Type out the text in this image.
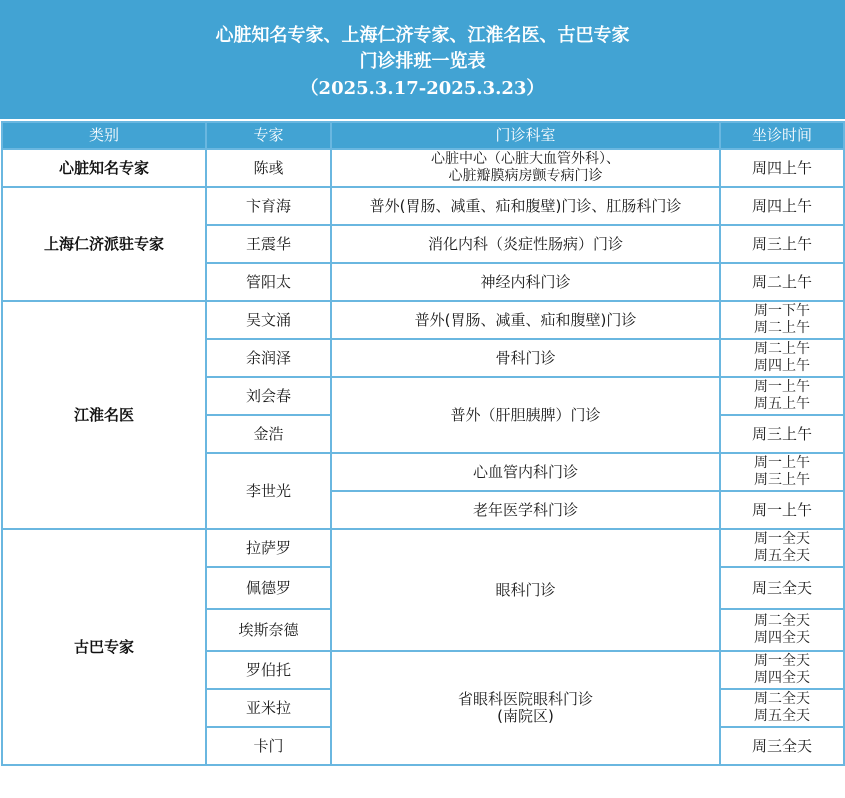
心脏知名专家、上海仁济专家、江淮名医、古巴专家
门诊排班一览表
（2025.3.17-2025.3.23）
类别	专家	门诊科室	坐诊时间
心脏知名专家	陈彧	心脏中心（心脏大血管外科）、
心脏瓣膜病房颤专病门诊	周四上午
上海仁济派驻专家	卞育海	普外(胃肠、减重、疝和腹壁)门诊、肛肠科门诊	周四上午
	王震华	消化内科（炎症性肠病）门诊	周三上午
	管阳太	神经内科门诊	周二上午
江淮名医	吴文涌	普外(胃肠、减重、疝和腹壁)门诊	周一下午
周二上午

	余润泽	骨科门诊	周二上午
周四上午

	刘会春	普外（肝胆胰脾）门诊	周一上午
周五上午

	金浩		周三上午
	李世光	心血管内科门诊	周一上午
周三上午

		老年医学科门诊	周一上午
古巴专家	拉萨罗	眼科门诊	周一全天
周五全天

	佩德罗		周三全天
	埃斯奈德		周二全天
周四全天

	罗伯托	省眼科医院眼科门诊
(南院区)	周一全天
周四全天

	亚米拉		周二全天
周五全天

	卡门		周三全天
